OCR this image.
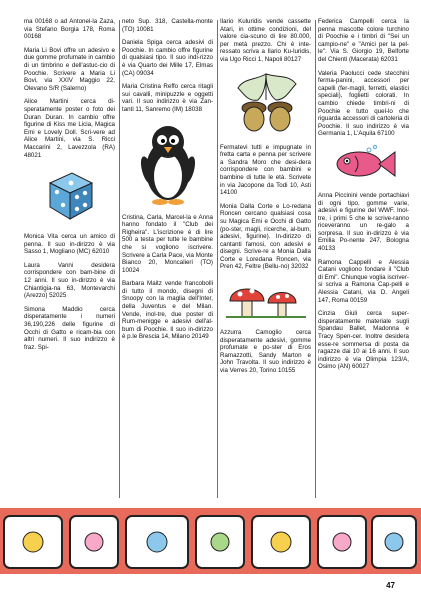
ma 00168 o ad Antonel-la Zaza, via Stefano Borgia 178, Roma 00168

Maria Li Bovi offre un adesivo e due gomme profumate in cambio di un timbrino e dell'astuc-cio di Poochie. Scrivere a Maria Li Bovi, via XXIV Maggio 22, Olevano S/R (Salerno)

Alice Martini cerca di-speratamente poster o foto dei Duran Duran. In cambio offre figurine di Kiss me Licia, Magica Emi e Lovely Doll. Scri-vere ad Alice Martini, via S. Ricci Maccarini 2, Lavezzola (RA) 48021

Monica Vita cerca un amico di penna. Il suo in-dirizzo è via Sasso 1, Mogliano (MC) 62010

Laura Vanni desidera corrispondere con bam-bine di 12 anni. Il suo in-dirizzo è via Chiantigia-na 63, Montevarchi (Arezzo) 52025

Simona Maddio cerca disperatamente i numeri 36,190,226 delle figurine di Occhi di Gatto e ricam-bia con altri numeri. Il suo indirizzo è fraz. Spi-

neto Sup. 318, Castella-monte (TO) 10081

Daniela Spiga cerca adesivi di Poochie. In cambio offre figurine di qualsiasi tipo. Il suo indi-rizzo è via Quarto dei Mille 17, Elmas (CA) 09034

Maria Cristina Reffo cerca ritagli sui cavalli, minipuzzle e oggetti vari. Il suo indirizzo è via Zan-tanti 11, Sanremo (IM) 18038

Cristina, Carla, Marcel-la e Anna hanno fondato il "Club dei Righeira". L'iscrizione è di lire 500 a testa per tutte le bambine che si vogliono iscrivere. Scrivere a Carla Pace, via Monte Bianco 20, Moncalieri (TO) 10024

Barbara Maitz vende francobolli di tutto il mondo, disegni di Snoopy con la maglia dell'Inter, della Juventus e del Milan. Vende, inol-tre, due poster di Rum-menigge e adesivi dell'al-bum di Poochie. Il suo in-dirizzo è p.le Brescia 14, Milano 20149

Ilario Kuluridis vende cassette Atari, in ottime condizioni, del valore cia-scuno di lire 80.000, per metà prezzo. Chi è inte-ressato scriva a Ilario Ku-luridis, via Ugo Ricci 1, Napoli 80127

Fermatevi tutti e impugnate in fretta carta e penna per scrivere a Sandra Moro che desi-dera corrispondere con bambini e bambine di tutte le età. Scrivete in via Jacopone da Todi 10, Asti 14100

Monia Dalla Corte e Lo-redana Roncen cercano qualsiasi cosa su Magica Emi e Occhi di Gatto (po-ster, magli, ricerche, al-bum, adesivi, figurine). In-dirizzo di cantanti famosi, con adesivi e disegni. Scrive-re a Monia Dalla Corte e Loredana Roncen, via Pren 42, Feltre (Bellu-no) 32032

Azzurra Camoglio cerca disperatamente adesivi, gomme profumate e po-ster di Eros Ramazzotti, Sandy Marton e John Travolta. Il suo indirizzo è via Verres 20, Torino 10155

Federica Campelli cerca la penna mascotte colore turchino di Poochie e i timbri di "Sei un campio-ne" e "Amici per la pel-le". Via S. Giorgio 19, Belforte del Chienti (Macerata) 62031

Valeria Paolucci cede stecchini ferma-panini, accessori per capelli (fer-magli, ferretti, elastici speciali), foglietti colorati. In cambio chiede timbri-ni di Poochie e tutto quel-lo che riguarda accessori di cartoleria di Poochie. Il suo indirizzo è via Germania 1, L'Aquila 67100

Anna Piccinini vende portachiavi di ogni tipo, gomme varie, adesivi e figurine del WWF. Inol-tre, i primi 5 che le scrive-ranno riceveranno un re-galo a sorpresa. Il suo in-dirizzo è via Emilia Po-nente 247, Bologna 40133

Ramona Cappelli e Alessia Catani vogliono fondare il "Club di Emi". Chiunque voglia iscriver-si scriva a Ramona Cap-pelli e Alessia Catani, via D. Angeli 147, Roma 00159

Cinzia Giuli cerca super-disperatamente materiale sugli Spandau Ballet, Madonna e Tracy Spen-cer. Inoltre desidera esse-re sommersa di posta da ragazze dai 10 ai 16 anni. Il suo indirizzo è via Olimpia 123/A, Osimo (AN) 60027

47
